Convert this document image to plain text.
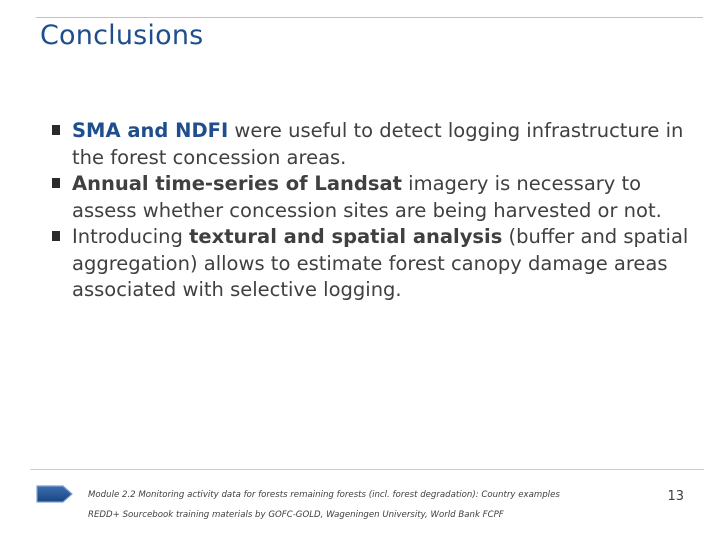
Conclusions
SMA and NDFI were useful to detect logging infrastructure in the forest concession areas.
Annual time-series of Landsat imagery is necessary to assess whether concession sites are being harvested or not.
Introducing textural and spatial analysis (buffer and spatial aggregation) allows to estimate forest canopy damage areas associated with selective logging.
Module 2.2 Monitoring activity data for forests remaining forests (incl. forest degradation): Country examples
REDD+ Sourcebook training materials by GOFC-GOLD, Wageningen University, World Bank FCPF
13
